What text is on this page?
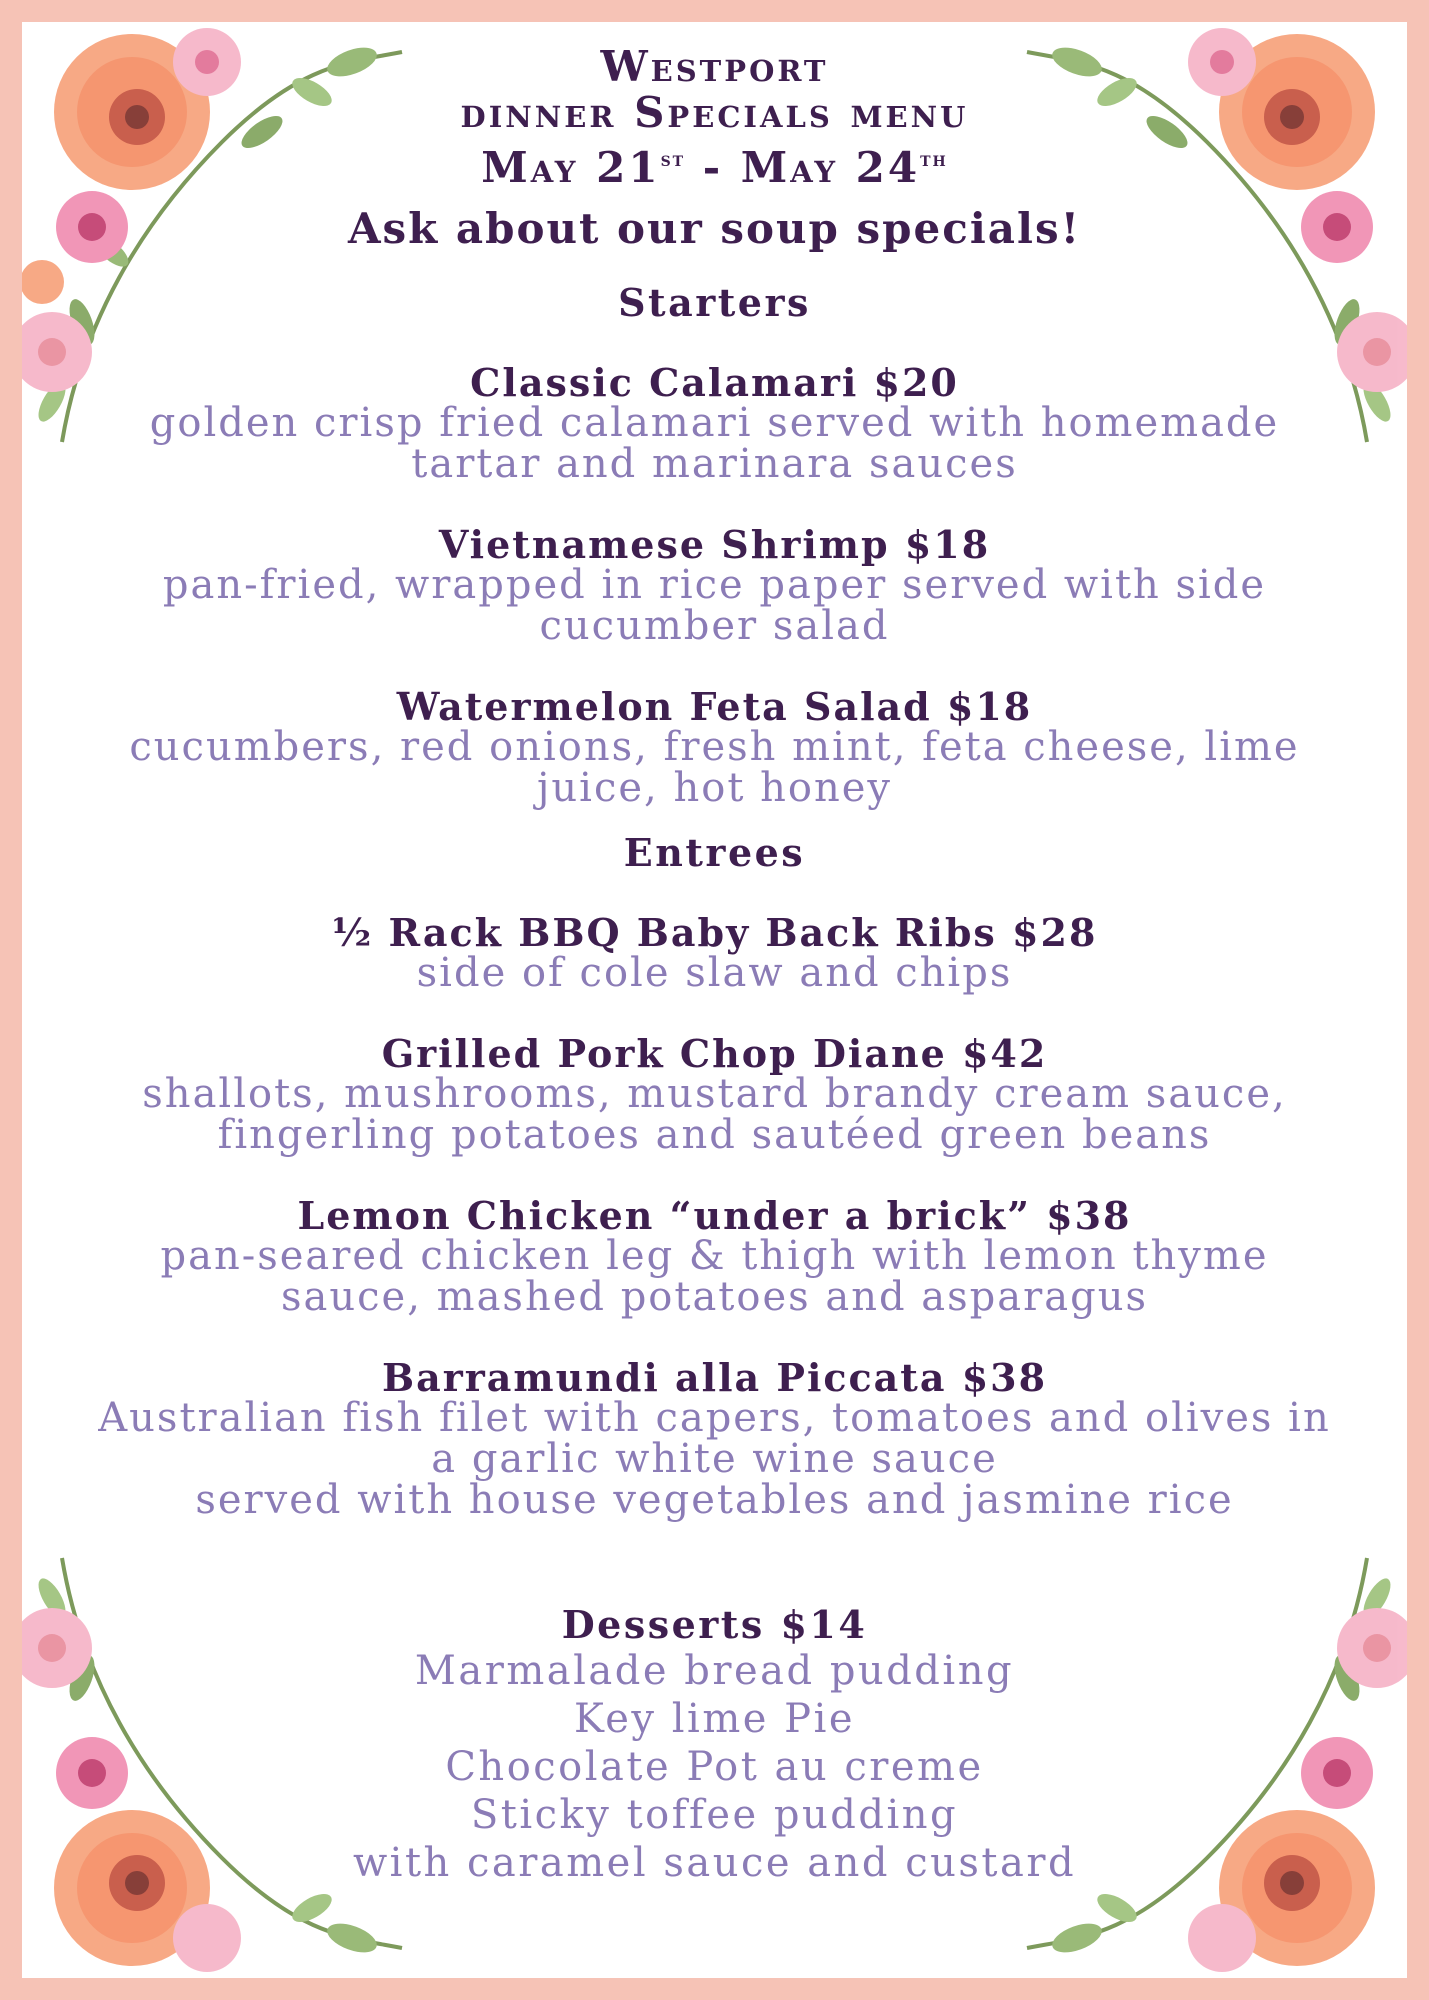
Westport

dinner Specials menu

May 21st - May 24th

Ask about our soup specials!

Starters
Classic Calamari $20
golden crisp fried calamari served with homemade
tartar and marinara sauces
Vietnamese Shrimp $18
pan-fried, wrapped in rice paper served with side
cucumber salad
Watermelon Feta Salad $18
cucumbers, red onions, fresh mint, feta cheese, lime
juice, hot honey
Entrees
½ Rack BBQ Baby Back Ribs $28
side of cole slaw and chips
Grilled Pork Chop Diane $42
shallots, mushrooms, mustard brandy cream sauce,
fingerling potatoes and sautéed green beans
Lemon Chicken “under a brick” $38
pan-seared chicken leg & thigh with lemon thyme
sauce, mashed potatoes and asparagus
Barramundi alla Piccata $38
Australian fish filet with capers, tomatoes and olives in
a garlic white wine sauce
served with house vegetables and jasmine rice
Desserts $14
Marmalade bread pudding
Key lime Pie
Chocolate Pot au creme
Sticky toffee pudding
with caramel sauce and custard
